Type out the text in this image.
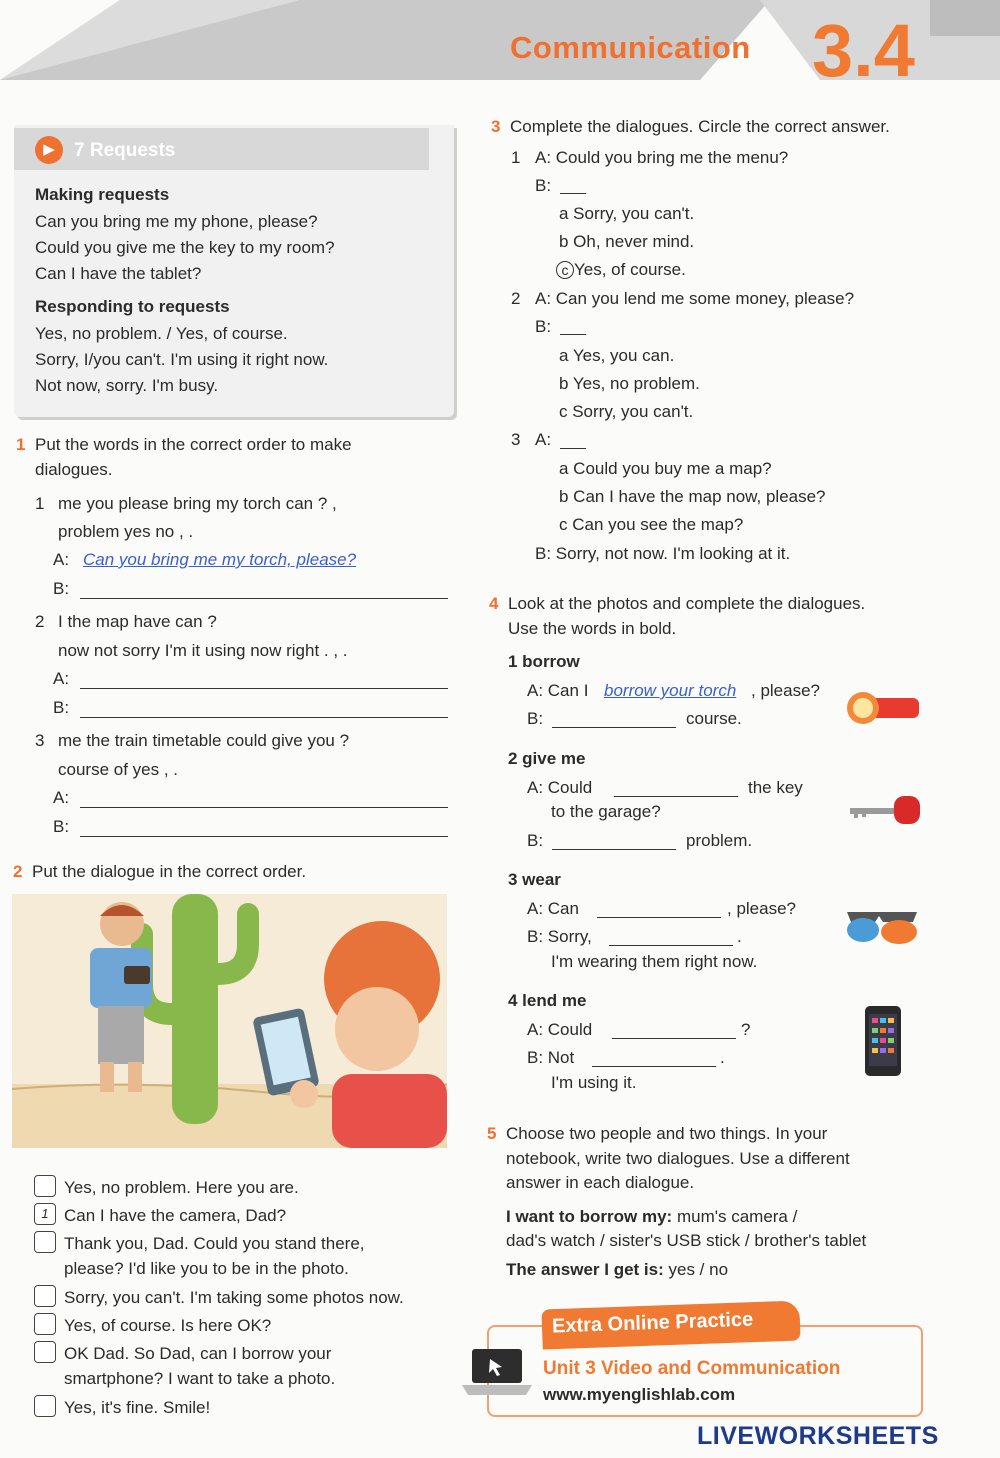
Communication 3.4
▶	7 Requests
Making requests
Can you bring me my phone, please?
Could you give me the key to my room?
Can I have the tablet?
Responding to requests
Yes, no problem. / Yes, of course.
Sorry, I/you can't. I'm using it right now.
Not now, sorry. I'm busy.
1 Put the words in the correct order to make
dialogues.
1 me you please bring my torch can ? ,
problem yes no , .
A: Can you bring me my torch, please?
B:
2 I the map have can ?
now not sorry I'm it using now right . , .
A:
B:
3 me the train timetable could give you ?
course of yes , .
A:
B:
2 Put the dialogue in the correct order.
Yes, no problem. Here you are.
1 Can I have the camera, Dad?
Thank you, Dad. Could you stand there,
please? I'd like you to be in the photo.
Sorry, you can't. I'm taking some photos now.
Yes, of course. Is here OK?
OK Dad. So Dad, can I borrow your
smartphone? I want to take a photo.
Yes, it's fine. Smile!
3 Complete the dialogues. Circle the correct answer.
1 A: Could you bring me the menu?
B:
a Sorry, you can't.
b Oh, never mind.
c Yes, of course.
2 A: Can you lend me some money, please?
B:
a Yes, you can.
b Yes, no problem.
c Sorry, you can't.
3 A:
a Could you buy me a map?
b Can I have the map now, please?
c Can you see the map?
B: Sorry, not now. I'm looking at it.
4 Look at the photos and complete the dialogues.
Use the words in bold.
1 borrow
A: Can I borrow your torch , please?
B:	course.
2 give me
A: Could	the key
to the garage?
B:	problem.
3 wear
A: Can	, please?
B: Sorry,	.
I'm wearing them right now.
4 lend me
A: Could	?
B: Not	.
I'm using it.
5 Choose two people and two things. In your
notebook, write two dialogues. Use a different
answer in each dialogue.
I want to borrow my: mum's camera /
dad's watch / sister's USB stick / brother's tablet
The answer I get is: yes / no
Extra Online Practice
Unit 3 Video and Communication
www.myenglishlab.com
LIVEWORKSHEETS
